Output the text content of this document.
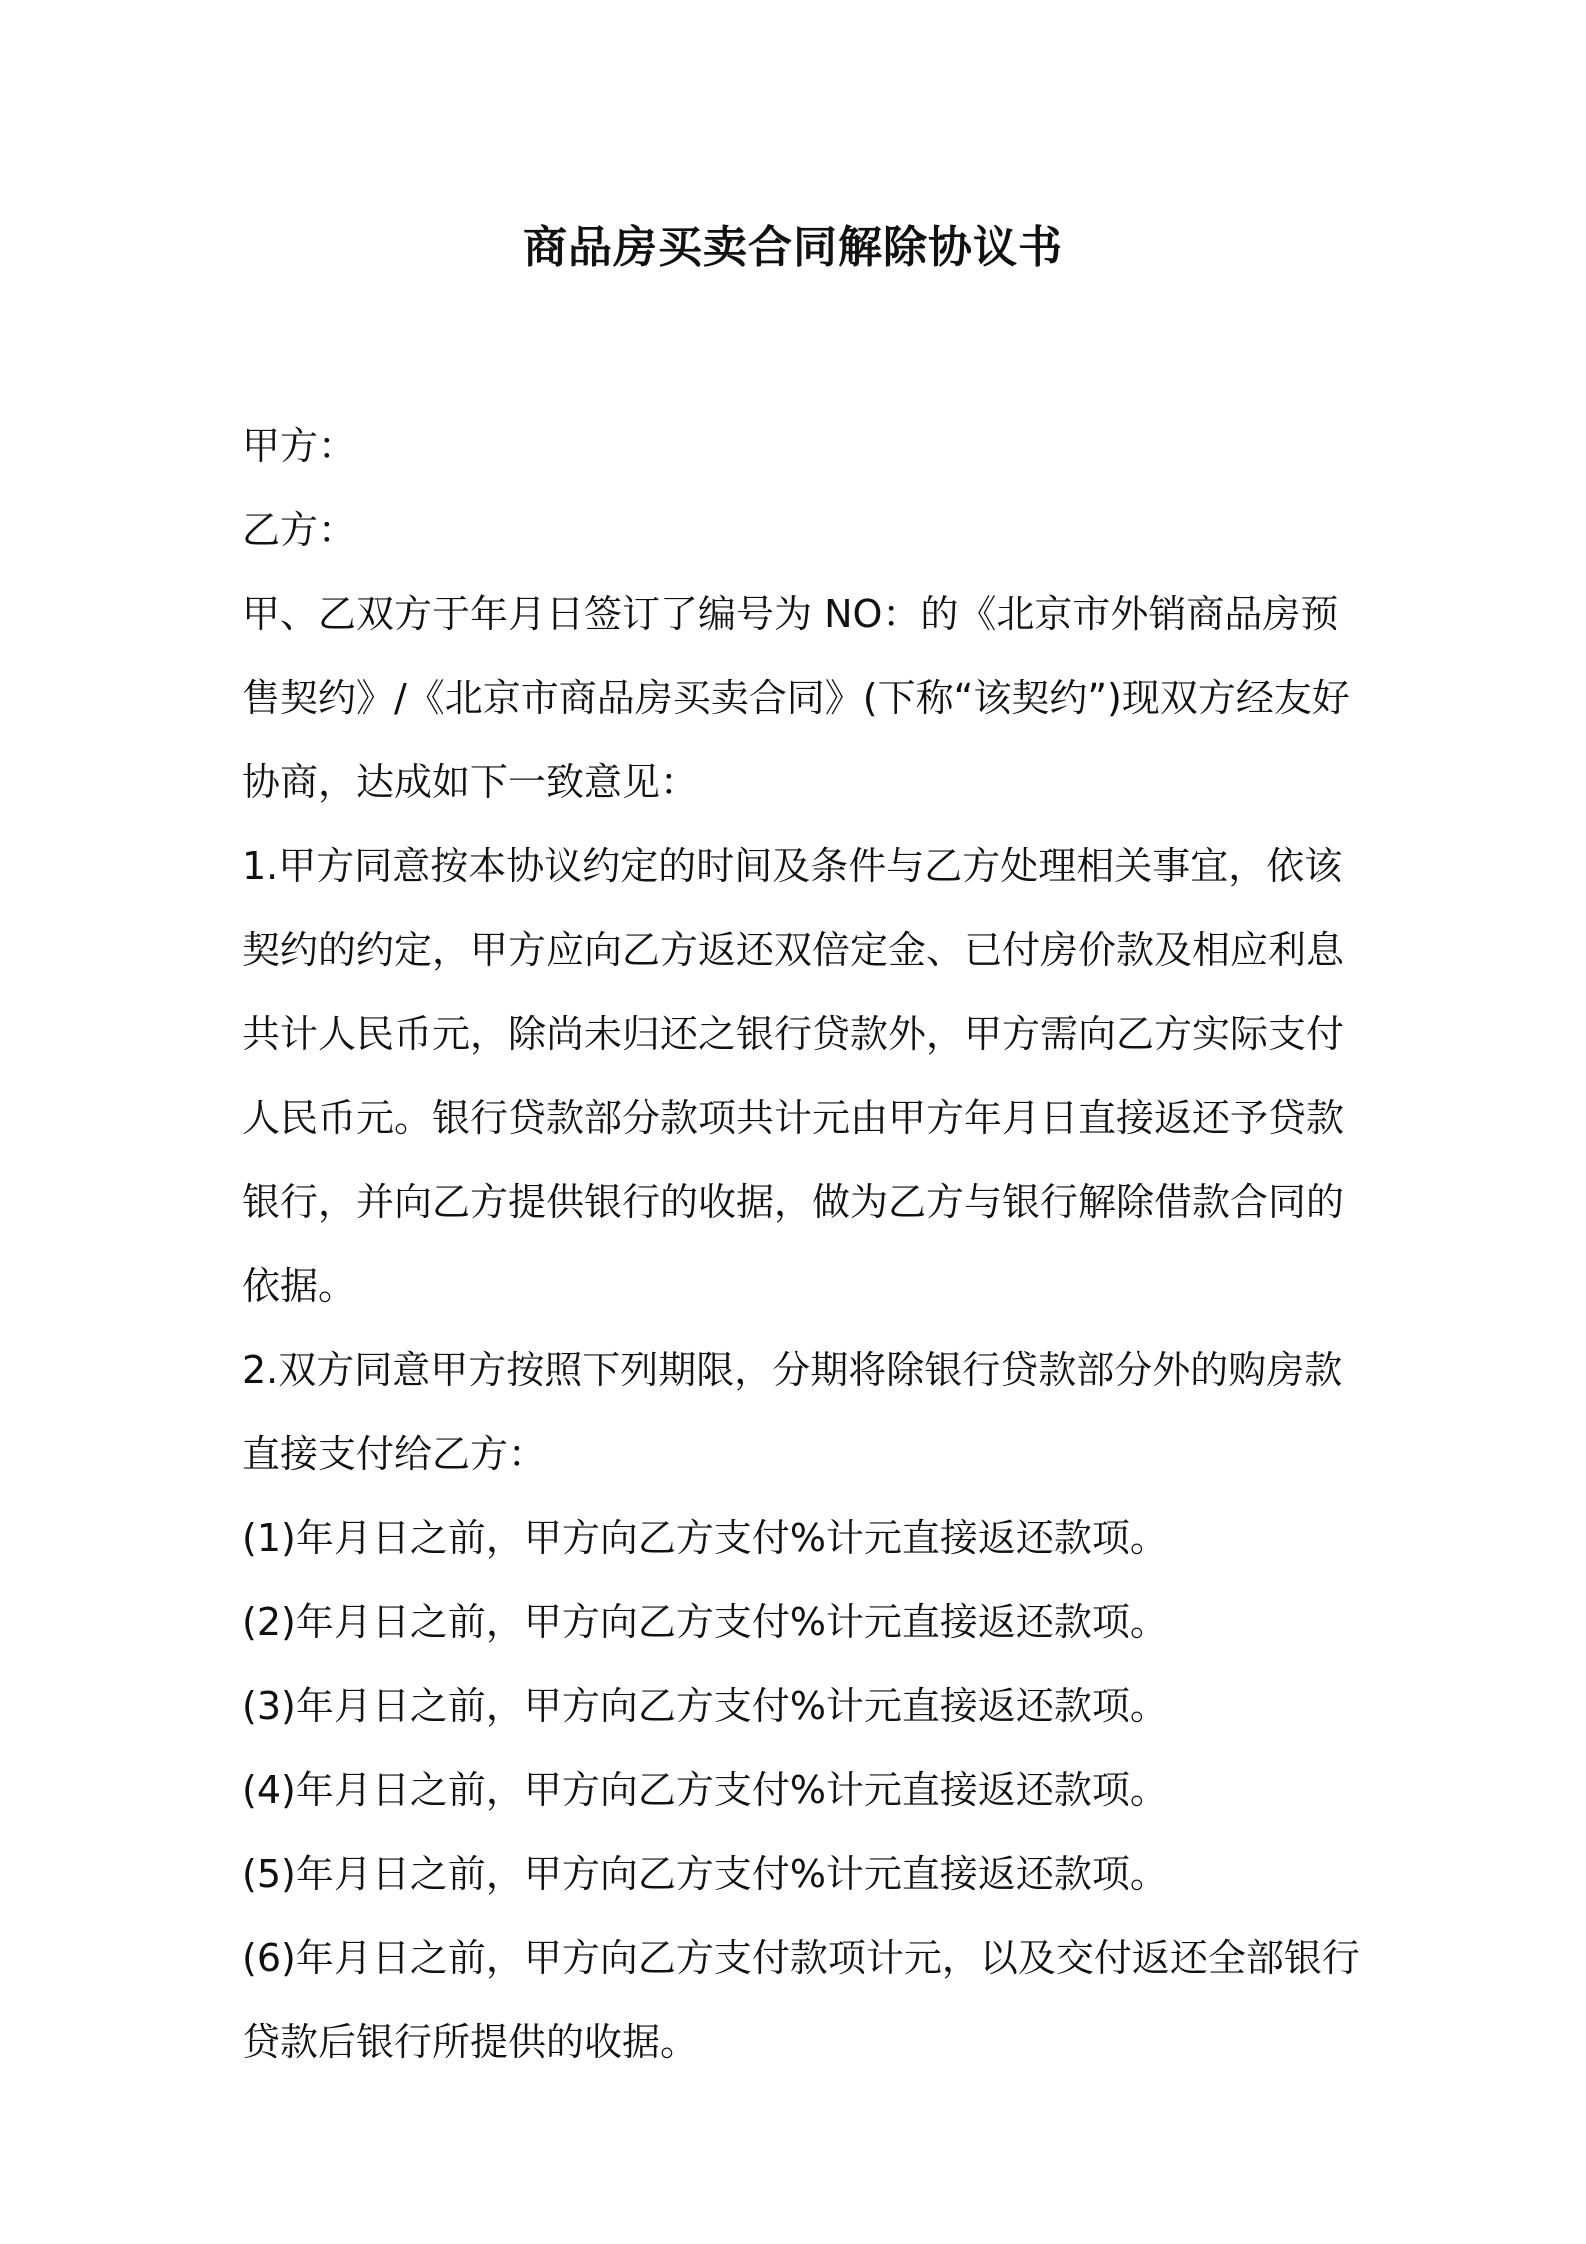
商品房买卖合同解除协议书

甲方：

乙方：

甲、乙双方于年月日签订了编号为 NO：的《北京市外销商品房预售契约》/《北京市商品房买卖合同》(下称“该契约”)现双方经友好协商，达成如下一致意见：

1.甲方同意按本协议约定的时间及条件与乙方处理相关事宜，依该契约的约定，甲方应向乙方返还双倍定金、已付房价款及相应利息共计人民币元，除尚未归还之银行贷款外，甲方需向乙方实际支付人民币元。银行贷款部分款项共计元由甲方年月日直接返还予贷款银行，并向乙方提供银行的收据，做为乙方与银行解除借款合同的依据。

2.双方同意甲方按照下列期限，分期将除银行贷款部分外的购房款直接支付给乙方：

(1)年月日之前，甲方向乙方支付%计元直接返还款项。

(2)年月日之前，甲方向乙方支付%计元直接返还款项。

(3)年月日之前，甲方向乙方支付%计元直接返还款项。

(4)年月日之前，甲方向乙方支付%计元直接返还款项。

(5)年月日之前，甲方向乙方支付%计元直接返还款项。

(6)年月日之前，甲方向乙方支付款项计元，以及交付返还全部银行贷款后银行所提供的收据。
